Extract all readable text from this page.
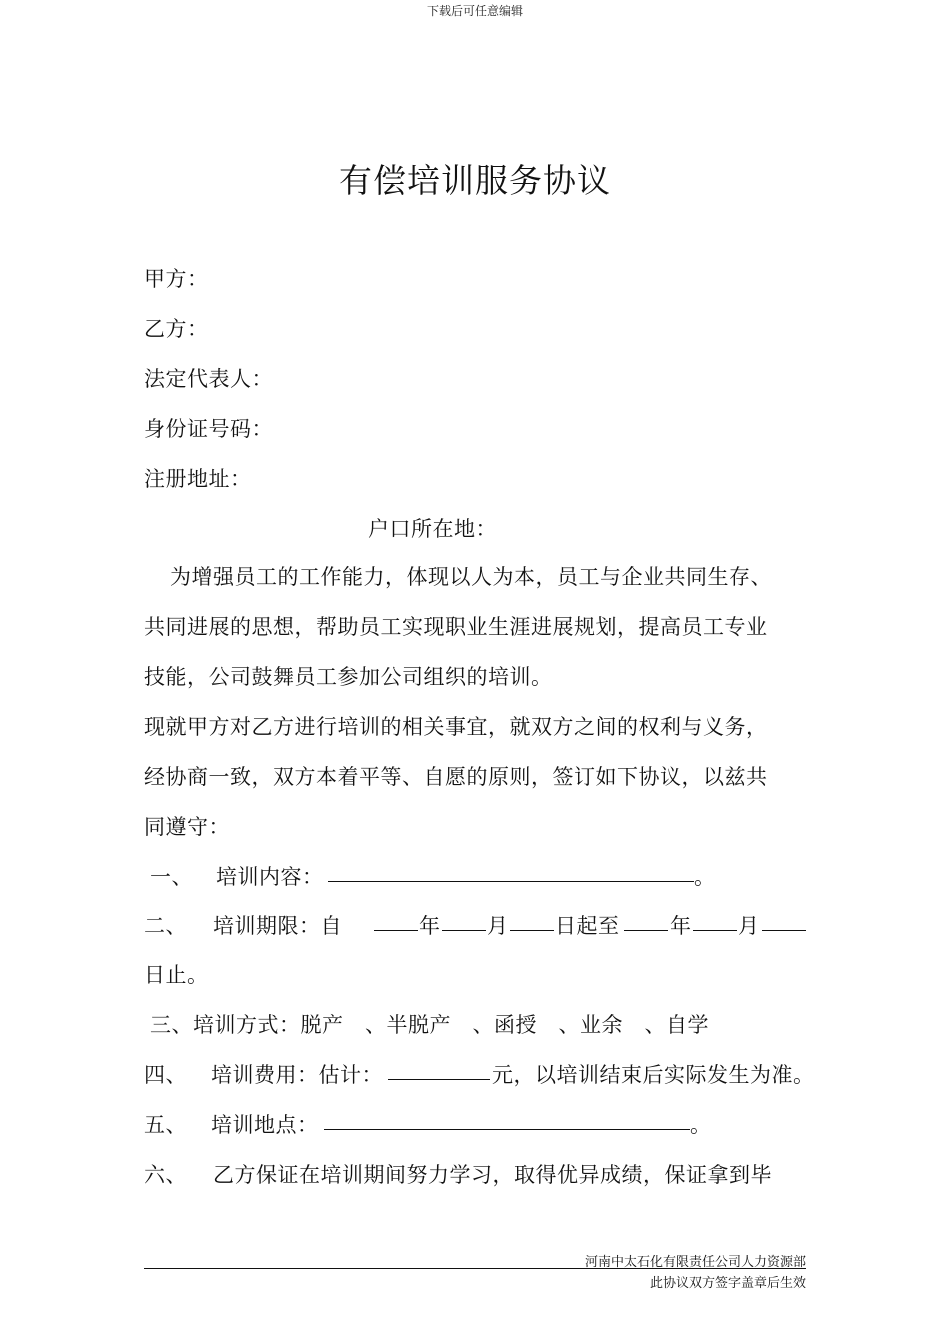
下载后可任意编辑
有偿培训服务协议
甲方：
乙方：
法定代表人：
身份证号码：
注册地址：
户口所在地：
为增强员工的工作能力，体现以人为本，员工与企业共同生存、
共同进展的思想，帮助员工实现职业生涯进展规划，提高员工专业
技能，公司鼓舞员工参加公司组织的培训。
现就甲方对乙方进行培训的相关事宜，就双方之间的权利与义务，
经协商一致，双方本着平等、自愿的原则，签订如下协议，以兹共
同遵守：
一、 培训内容：	。
二、 培训期限：自	年 月 日起至 年 月
日止。
三、培训方式：脱产　、半脱产　、函授　、业余　、自学
四、 培训费用：估计：	元，以培训结束后实际发生为准。
五、 培训地点：	。
六、 乙方保证在培训期间努力学习，取得优异成绩，保证拿到毕
河南中太石化有限责任公司人力资源部
此协议双方签字盖章后生效
